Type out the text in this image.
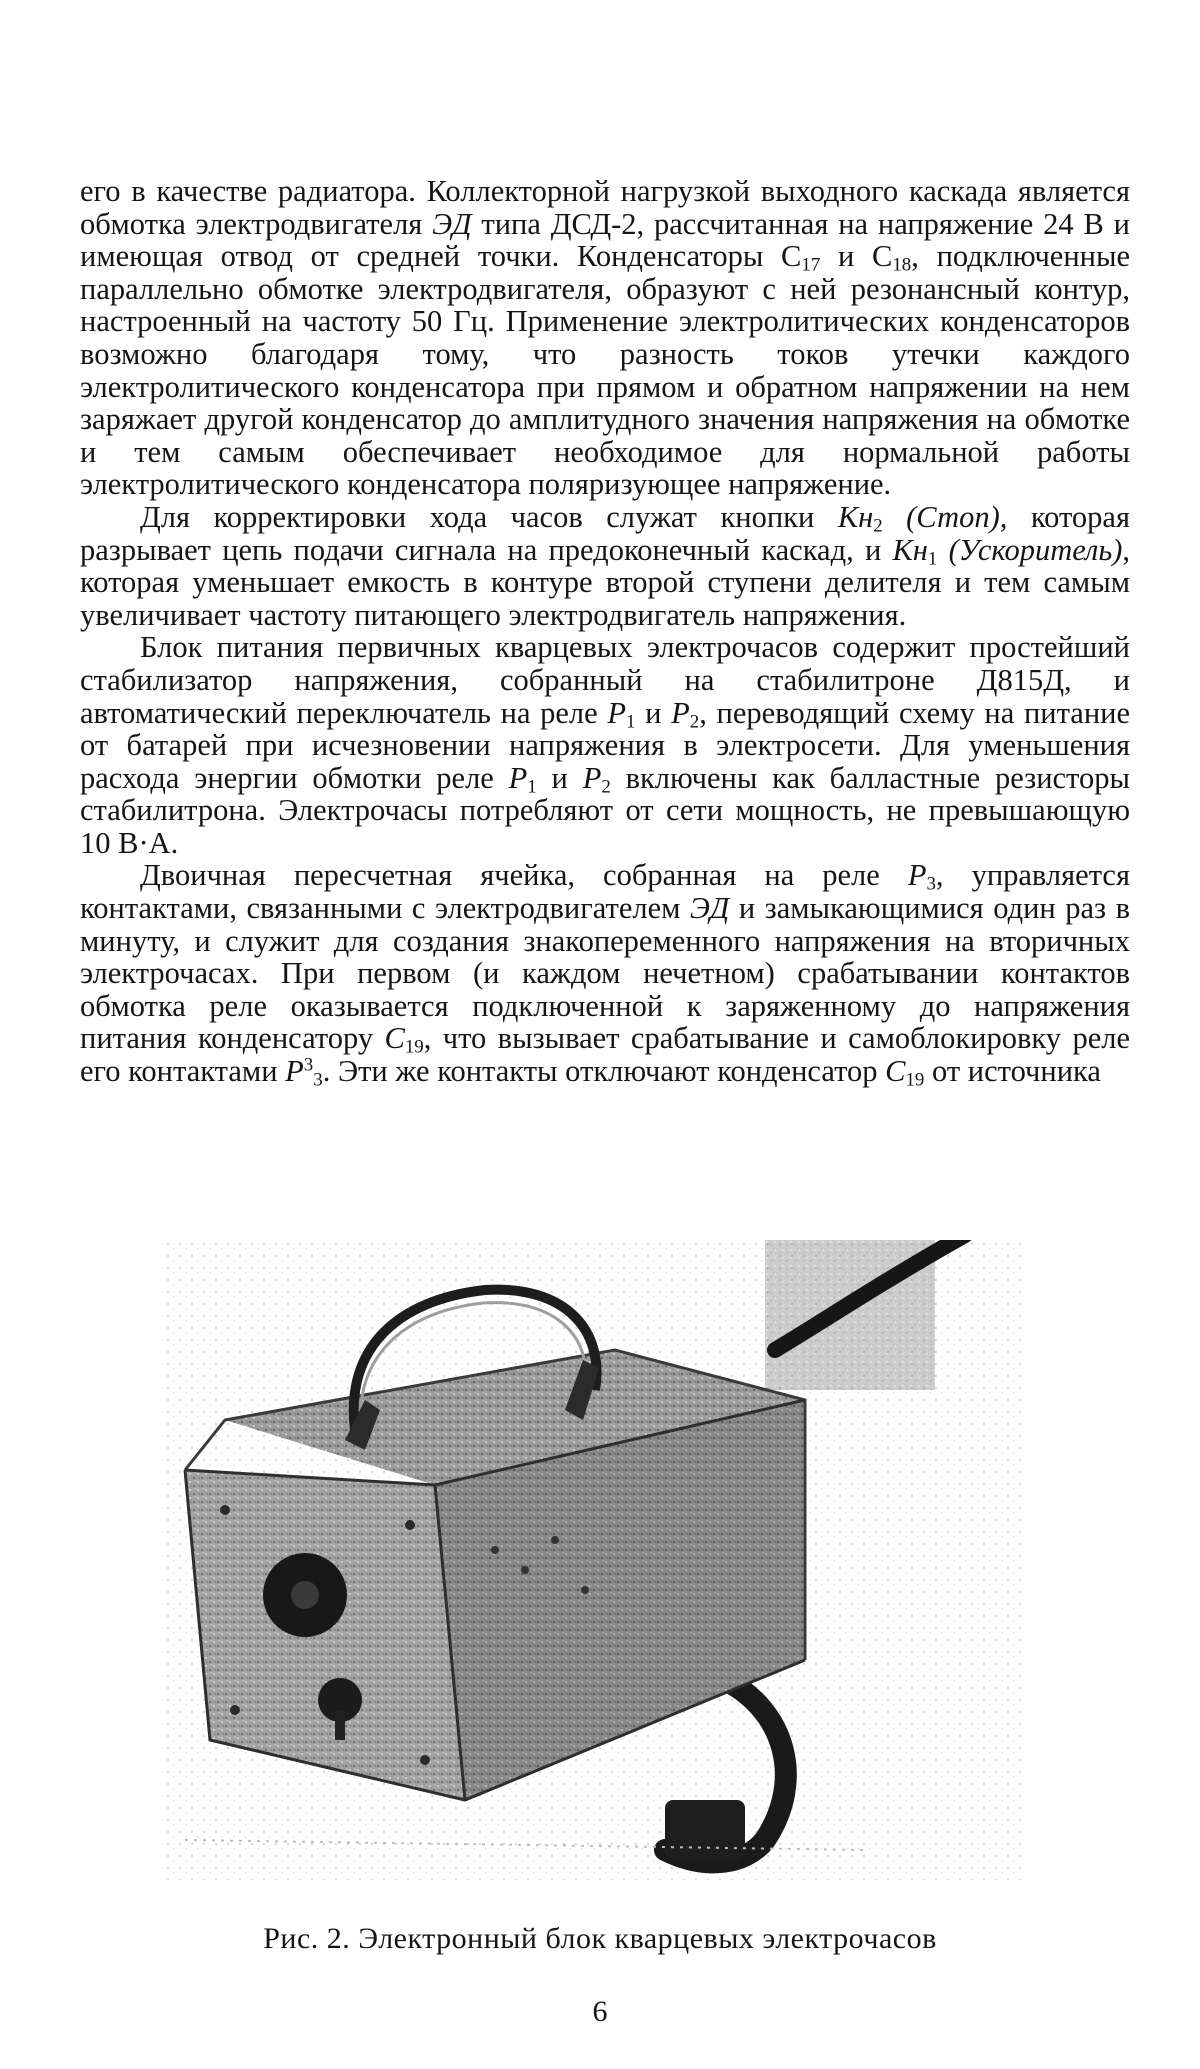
его в качестве радиатора. Коллекторной нагрузкой выходного каскада является обмотка электродвигателя ЭД типа ДСД-2, рассчитанная на напряжение 24 В и имеющая отвод от средней точки. Конденсаторы $C_{17}$ и $C_{18}$, подключенные параллельно обмотке электродвигателя, образуют с ней резонансный контур, настроенный на частоту 50 Гц. Применение электролитических конденсаторов возможно благодаря тому, что разность токов утечки каждого электролитического конденсатора при прямом и обратном напряжении на нем заряжает другой конденсатор до амплитудного значения напряжения на обмотке и тем самым обеспечивает необходимое для нормальной работы электролитического конденсатора поляризующее напряжение.

Для корректировки хода часов служат кнопки $Кн_2$ (Стоп), которая разрывает цепь подачи сигнала на предоконечный каскад, и $Кн_1$ (Ускоритель), которая уменьшает емкость в контуре второй ступени делителя и тем самым увеличивает частоту питающего электродвигатель напряжения.

Блок питания первичных кварцевых электрочасов содержит простейший стабилизатор напряжения, собранный на стабилитроне Д815Д, и автоматический переключатель на реле $P_1$ и $P_2$, переводящий схему на питание от батарей при исчезновении напряжения в электросети. Для уменьшения расхода энергии обмотки реле $P_1$ и $P_2$ включены как балластные резисторы стабилитрона. Электрочасы потребляют от сети мощность, не превышающую 10 В·А.

Двоичная пересчетная ячейка, собранная на реле $P_3$, управляется контактами, связанными с электродвигателем ЭД и замыкающимися один раз в минуту, и служит для создания знакопеременного напряжения на вторичных электрочасах. При первом (и каждом нечетном) срабатывании контактов обмотка реле оказывается подключенной к заряженному до напряжения питания конденсатору $C_{19}$, что вызывает срабатывание и самоблокировку реле его контактами $P^3_3$. Эти же контакты отключают конденсатор $C_{19}$ от источника

Рис. 2. Электронный блок кварцевых электрочасов
6
